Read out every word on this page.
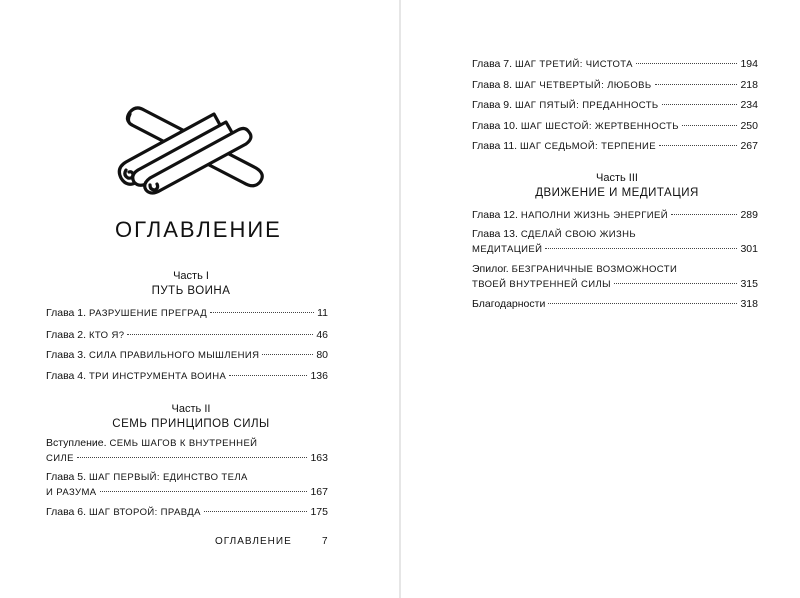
ОГЛАВЛЕНИЕ
Часть I
ПУТЬ ВОИНА
Глава 1. РАЗРУШЕНИЕ ПРЕГРАД	11
Глава 2. КТО Я?	46
Глава 3. СИЛА ПРАВИЛЬНОГО МЫШЛЕНИЯ	80
Глава 4. ТРИ ИНСТРУМЕНТА ВОИНА	136
Часть II
СЕМЬ ПРИНЦИПОВ СИЛЫ
Вступление. СЕМЬ ШАГОВ К ВНУТРЕННЕЙ
СИЛЕ	163
Глава 5. ШАГ ПЕРВЫЙ: ЕДИНСТВО ТЕЛА
И РАЗУМА	167
Глава 6. ШАГ ВТОРОЙ: ПРАВДА	175
ОГЛАВЛЕНИЕ	7
Глава 7. ШАГ ТРЕТИЙ: ЧИСТОТА	194
Глава 8. ШАГ ЧЕТВЕРТЫЙ: ЛЮБОВЬ	218
Глава 9. ШАГ ПЯТЫЙ: ПРЕДАННОСТЬ	234
Глава 10. ШАГ ШЕСТОЙ: ЖЕРТВЕННОСТЬ	250
Глава 11. ШАГ СЕДЬМОЙ: ТЕРПЕНИЕ	267
Часть III
ДВИЖЕНИЕ И МЕДИТАЦИЯ
Глава 12. НАПОЛНИ ЖИЗНЬ ЭНЕРГИЕЙ	289
Глава 13. СДЕЛАЙ СВОЮ ЖИЗНЬ
МЕДИТАЦИЕЙ	301
Эпилог. БЕЗГРАНИЧНЫЕ ВОЗМОЖНОСТИ
ТВОЕЙ ВНУТРЕННЕЙ СИЛЫ	315
Благодарности	318
